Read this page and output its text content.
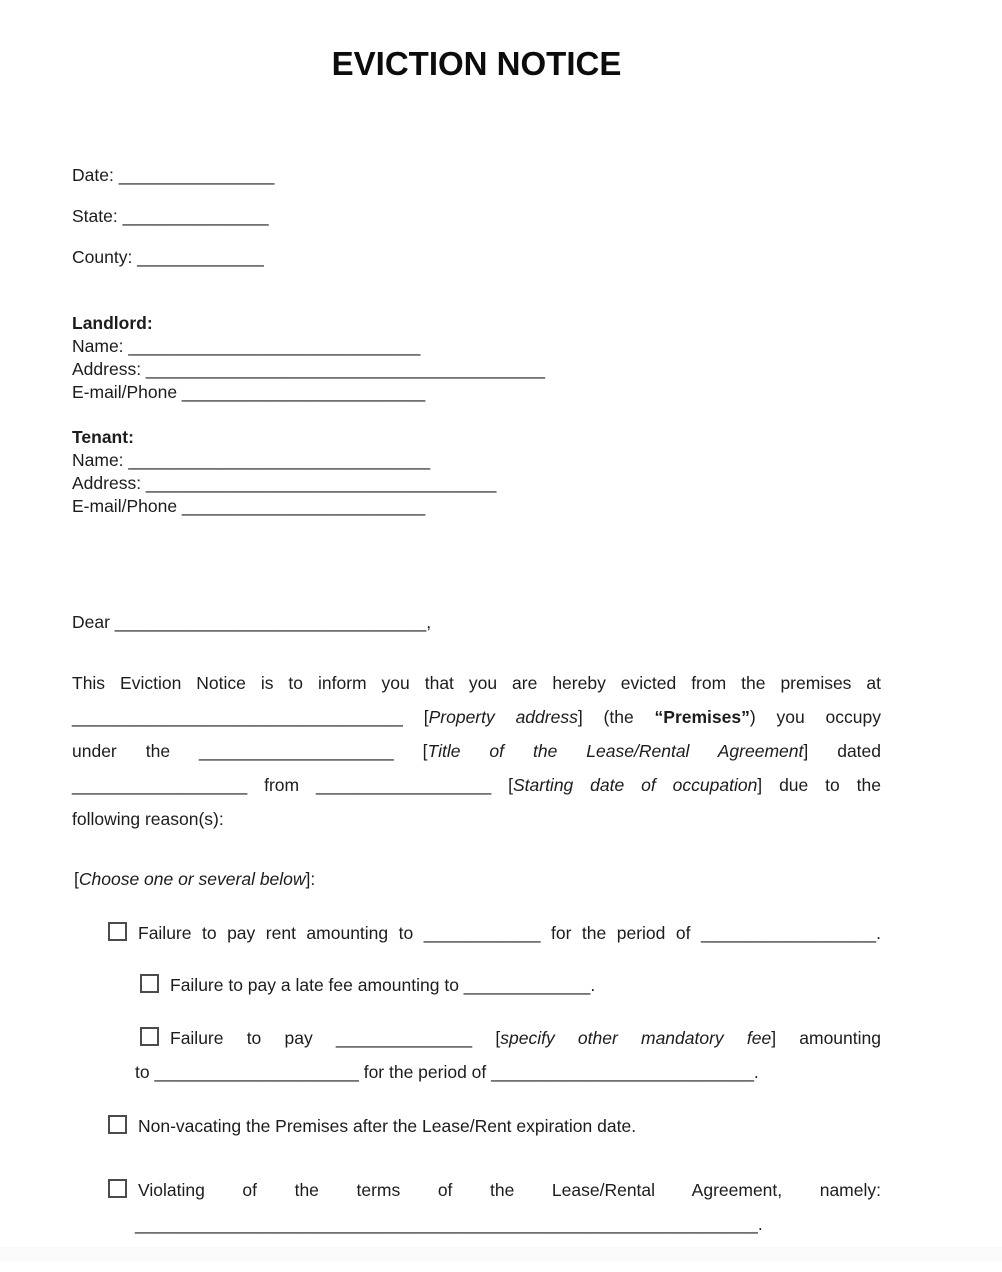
EVICTION NOTICE
Date: ________________
State: _______________
County: _____________
Landlord:
Name: ______________________________
Address: _________________________________________
E-mail/Phone _________________________
Tenant:
Name: _______________________________
Address: ____________________________________
E-mail/Phone _________________________
Dear ________________________________,
This Eviction Notice is to inform you that you are hereby evicted from the premises at
__________________________________ [Property address] (the “Premises”) you occupy
under the ____________________ [Title of the Lease/Rental Agreement] dated
__________________ from __________________ [Starting date of occupation] due to the
following reason(s):
[Choose one or several below]:
Failure to pay rent amounting to ____________ for the period of __________________.
Failure to pay a late fee amounting to _____________.
Failure to pay ______________ [specify other mandatory fee] amounting
to _____________________ for the period of ___________________________.
Non-vacating the Premises after the Lease/Rent expiration date.
Violating of the terms of the Lease/Rental Agreement, namely:
________________________________________________________________.
